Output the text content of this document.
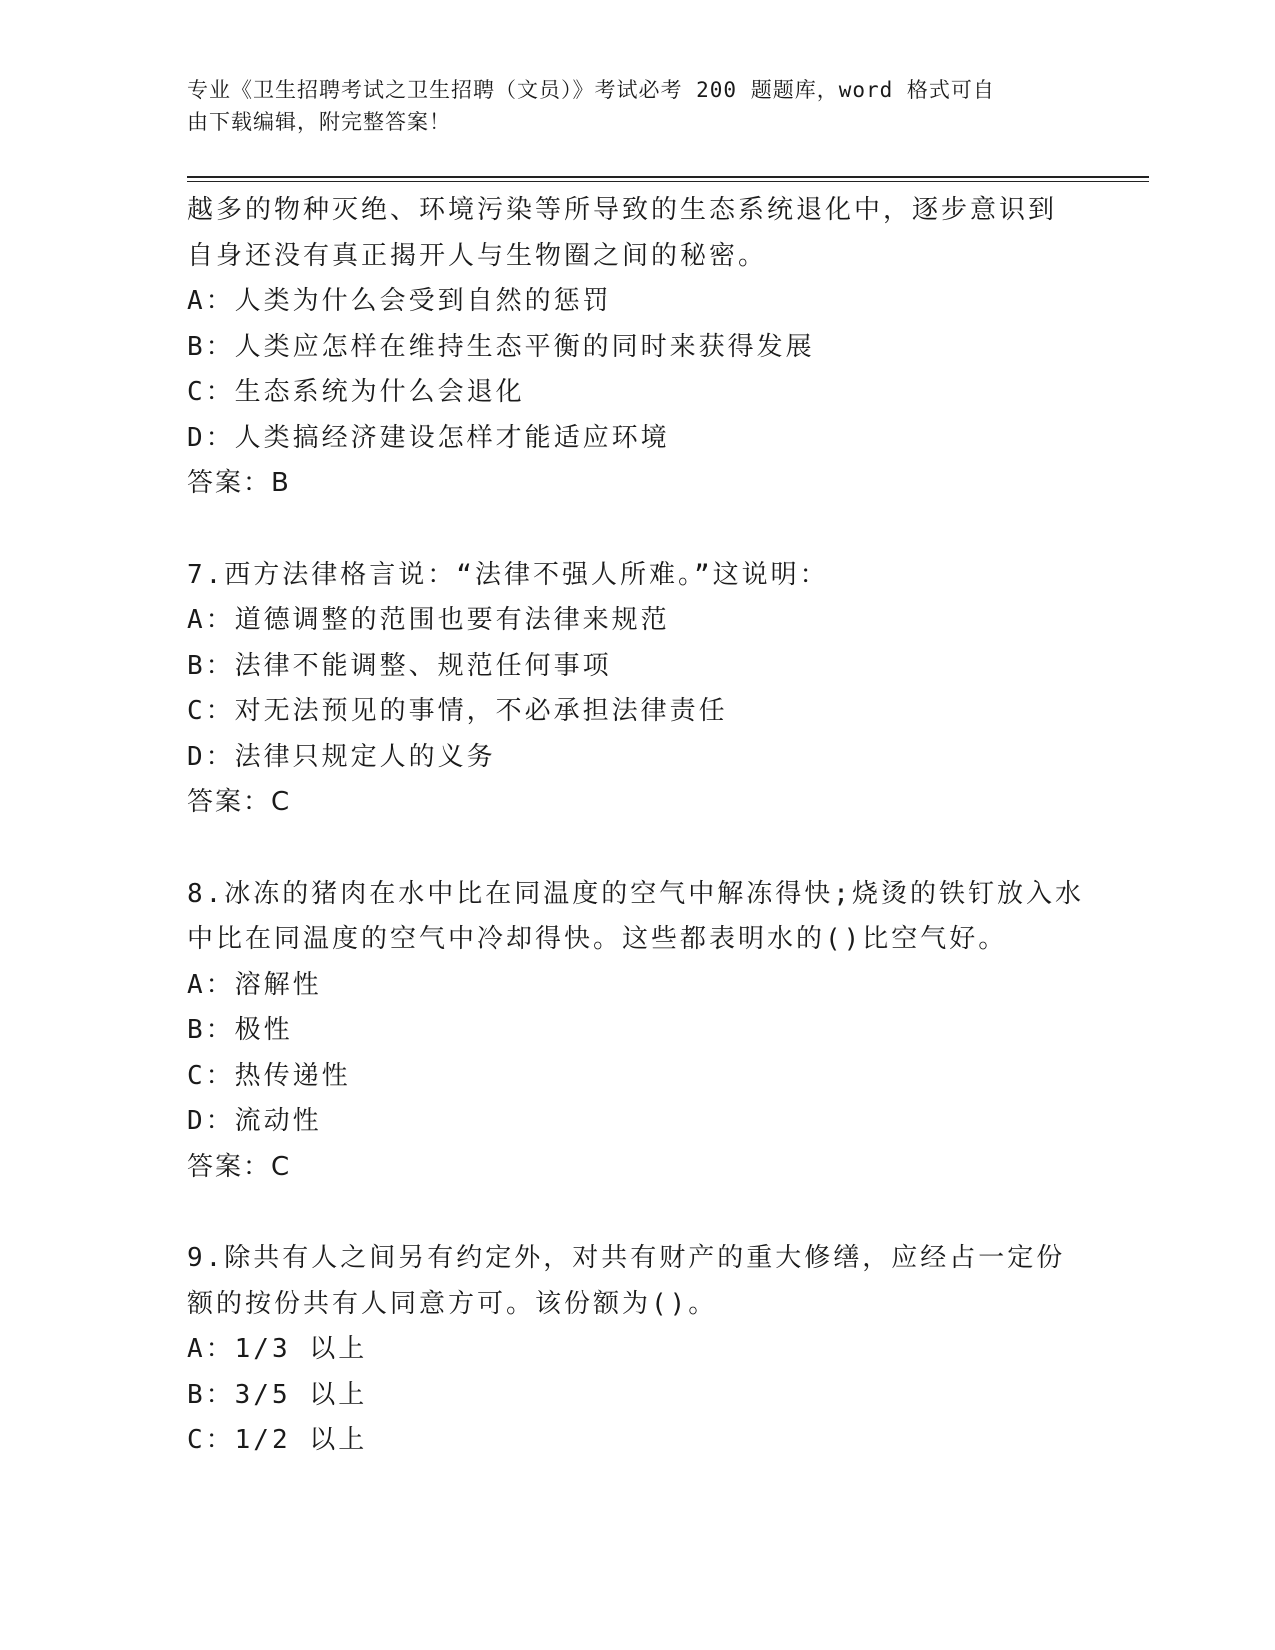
专业《卫生招聘考试之卫生招聘（文员）》考试必考 200 题题库，word 格式可自
由下载编辑，附完整答案！
越多的物种灭绝、环境污染等所导致的生态系统退化中，逐步意识到
自身还没有真正揭开人与生物圈之间的秘密。
A：人类为什么会受到自然的惩罚
B：人类应怎样在维持生态平衡的同时来获得发展
C：生态系统为什么会退化
D：人类搞经济建设怎样才能适应环境
答案：B
7.西方法律格言说：“法律不强人所难。”这说明：
A：道德调整的范围也要有法律来规范
B：法律不能调整、规范任何事项
C：对无法预见的事情，不必承担法律责任
D：法律只规定人的义务
答案：C
8.冰冻的猪肉在水中比在同温度的空气中解冻得快;烧烫的铁钉放入水
中比在同温度的空气中冷却得快。这些都表明水的()比空气好。
A：溶解性
B：极性
C：热传递性
D：流动性
答案：C
9.除共有人之间另有约定外，对共有财产的重大修缮，应经占一定份
额的按份共有人同意方可。该份额为()。
A：1/3 以上
B：3/5 以上
C：1/2 以上
